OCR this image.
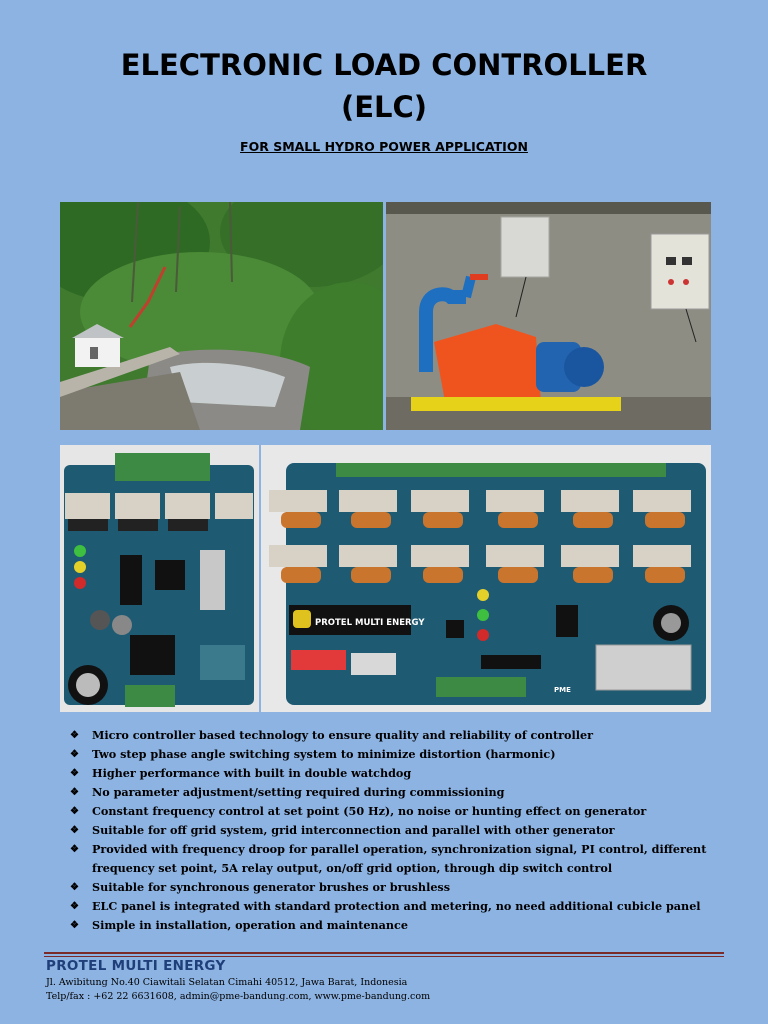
ELECTRONIC LOAD CONTROLLER
(ELC)
FOR SMALL HYDRO POWER APPLICATION
PROTEL MULTI ENERGY
PME
❖ Micro controller based technology to ensure quality and reliability of controller
❖ Two step phase angle switching system to minimize distortion (harmonic)
❖ Higher performance with built in double watchdog
❖ No parameter adjustment/setting required during commissioning
❖ Constant frequency control at set point (50 Hz), no noise or hunting effect on generator
❖ Suitable for off grid system, grid interconnection and parallel with other generator
❖ Provided with frequency droop for parallel operation, synchronization signal, PI control, different frequency set point, 5A relay output, on/off grid option, through dip switch control
❖ Suitable for synchronous generator brushes or brushless
❖ ELC panel is integrated with standard protection and metering, no need additional cubicle panel
❖ Simple in installation, operation and maintenance
PROTEL MULTI ENERGY
Jl. Awibitung No.40 Ciawitali Selatan Cimahi 40512, Jawa Barat, Indonesia
Telp/fax : +62 22 6631608, admin@pme-bandung.com, www.pme-bandung.com
